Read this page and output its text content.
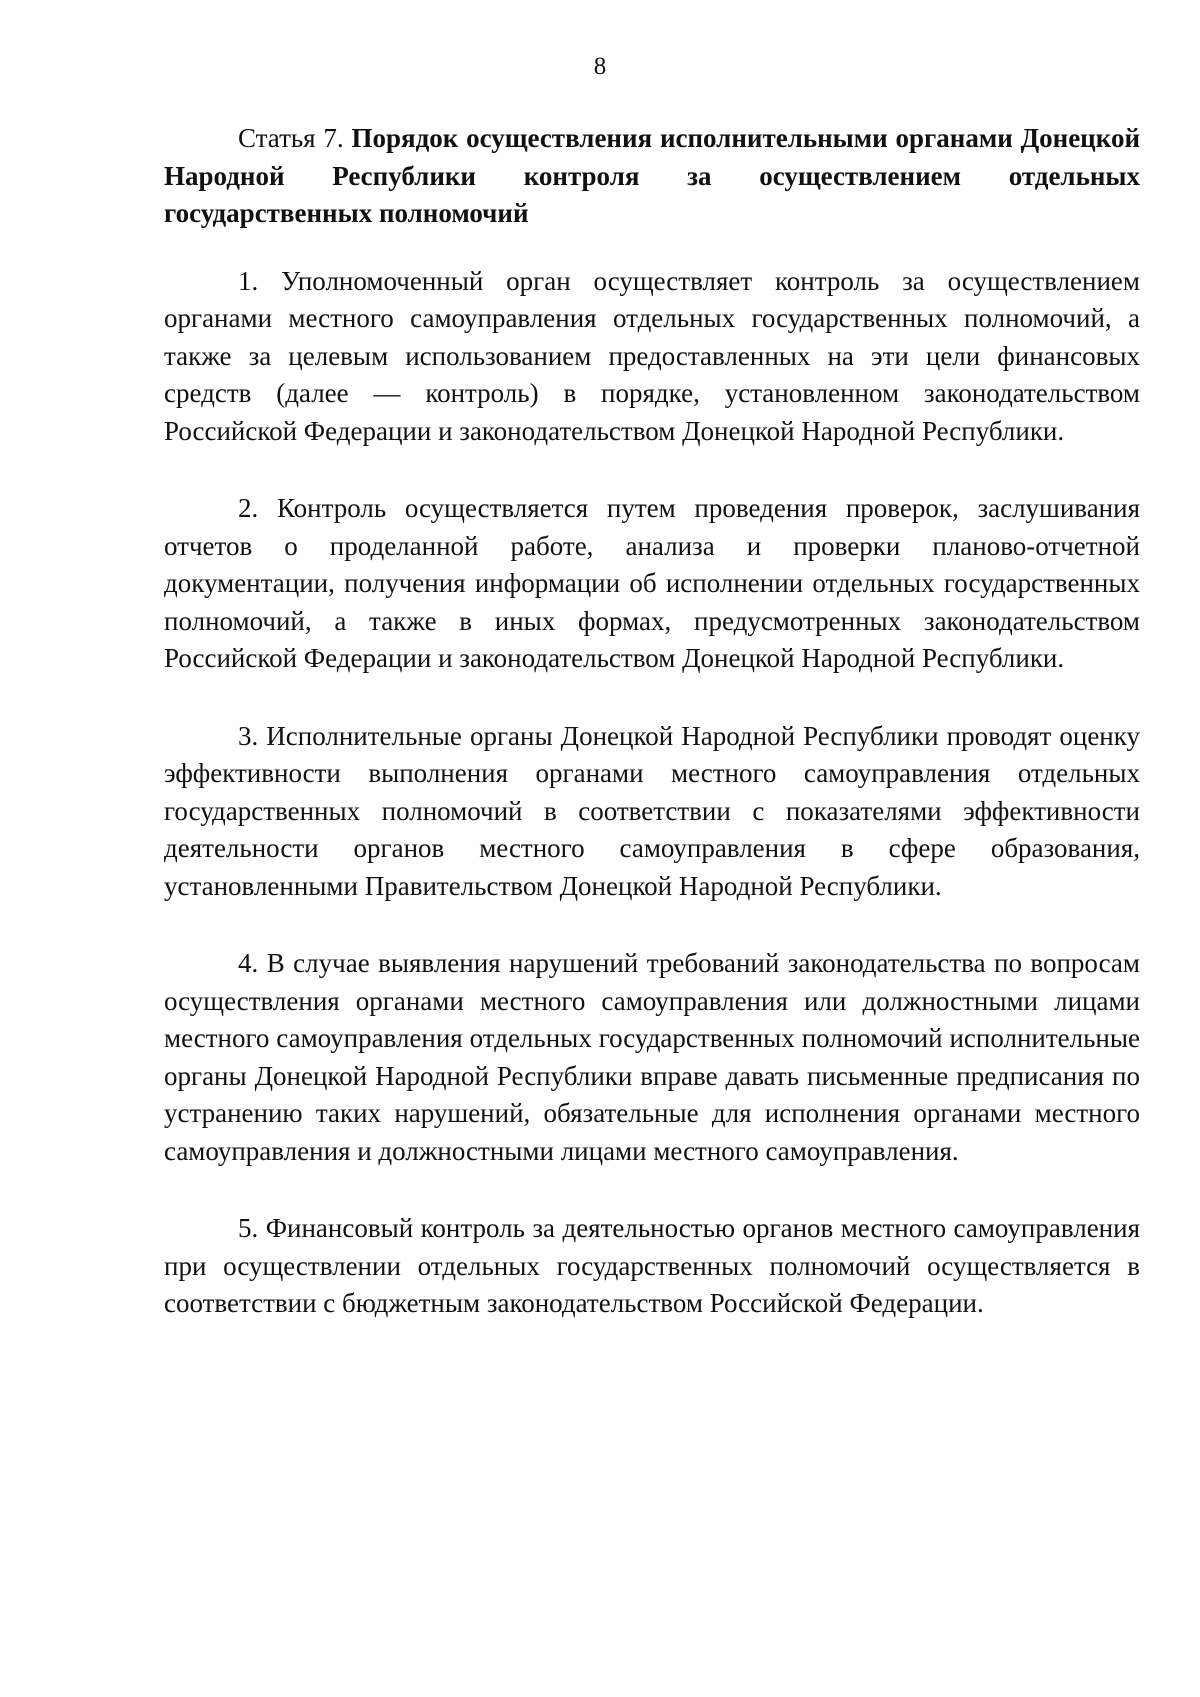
8

Статья 7. Порядок осуществления исполнительными органами Донецкой Народной Республики контроля за осуществлением отдельных государственных полномочий

1. Уполномоченный орган осуществляет контроль за осуществлением органами местного самоуправления отдельных государственных полномочий, а также за целевым использованием предоставленных на эти цели финансовых средств (далее — контроль) в порядке, установленном законодательством Российской Федерации и законодательством Донецкой Народной Республики.

2. Контроль осуществляется путем проведения проверок, заслушивания отчетов о проделанной работе, анализа и проверки планово-отчетной документации, получения информации об исполнении отдельных государственных полномочий, а также в иных формах, предусмотренных законодательством Российской Федерации и законодательством Донецкой Народной Республики.

3. Исполнительные органы Донецкой Народной Республики проводят оценку эффективности выполнения органами местного самоуправления отдельных государственных полномочий в соответствии с показателями эффективности деятельности органов местного самоуправления в сфере образования, установленными Правительством Донецкой Народной Республики.

4. В случае выявления нарушений требований законодательства по вопросам осуществления органами местного самоуправления или должностными лицами местного самоуправления отдельных государственных полномочий исполнительные органы Донецкой Народной Республики вправе давать письменные предписания по устранению таких нарушений, обязательные для исполнения органами местного самоуправления и должностными лицами местного самоуправления.

5. Финансовый контроль за деятельностью органов местного самоуправления при осуществлении отдельных государственных полномочий осуществляется в соответствии с бюджетным законодательством Российской Федерации.
